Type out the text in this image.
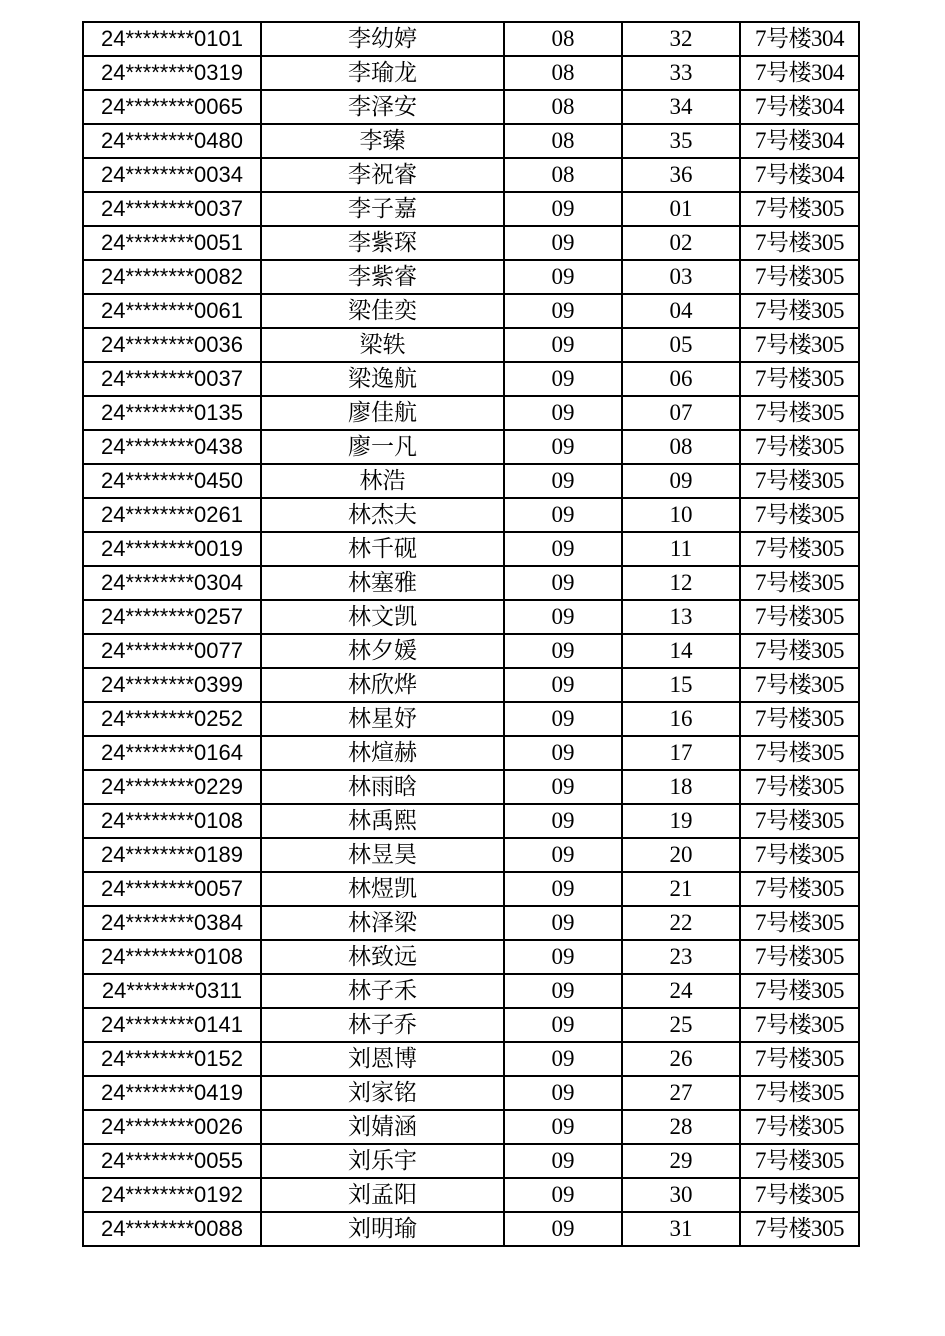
24********0101	李幼婷	08	32	7号楼304
24********0319	李瑜龙	08	33	7号楼304
24********0065	李泽安	08	34	7号楼304
24********0480	李臻	08	35	7号楼304
24********0034	李祝睿	08	36	7号楼304
24********0037	李子嘉	09	01	7号楼305
24********0051	李紫琛	09	02	7号楼305
24********0082	李紫睿	09	03	7号楼305
24********0061	梁佳奕	09	04	7号楼305
24********0036	梁轶	09	05	7号楼305
24********0037	梁逸航	09	06	7号楼305
24********0135	廖佳航	09	07	7号楼305
24********0438	廖一凡	09	08	7号楼305
24********0450	林浩	09	09	7号楼305
24********0261	林杰夫	09	10	7号楼305
24********0019	林千砚	09	11	7号楼305
24********0304	林塞雅	09	12	7号楼305
24********0257	林文凯	09	13	7号楼305
24********0077	林夕媛	09	14	7号楼305
24********0399	林欣烨	09	15	7号楼305
24********0252	林星妤	09	16	7号楼305
24********0164	林煊赫	09	17	7号楼305
24********0229	林雨晗	09	18	7号楼305
24********0108	林禹熙	09	19	7号楼305
24********0189	林昱昊	09	20	7号楼305
24********0057	林煜凯	09	21	7号楼305
24********0384	林泽梁	09	22	7号楼305
24********0108	林致远	09	23	7号楼305
24********0311	林子禾	09	24	7号楼305
24********0141	林子乔	09	25	7号楼305
24********0152	刘恩博	09	26	7号楼305
24********0419	刘家铭	09	27	7号楼305
24********0026	刘婧涵	09	28	7号楼305
24********0055	刘乐宇	09	29	7号楼305
24********0192	刘孟阳	09	30	7号楼305
24********0088	刘明瑜	09	31	7号楼305
